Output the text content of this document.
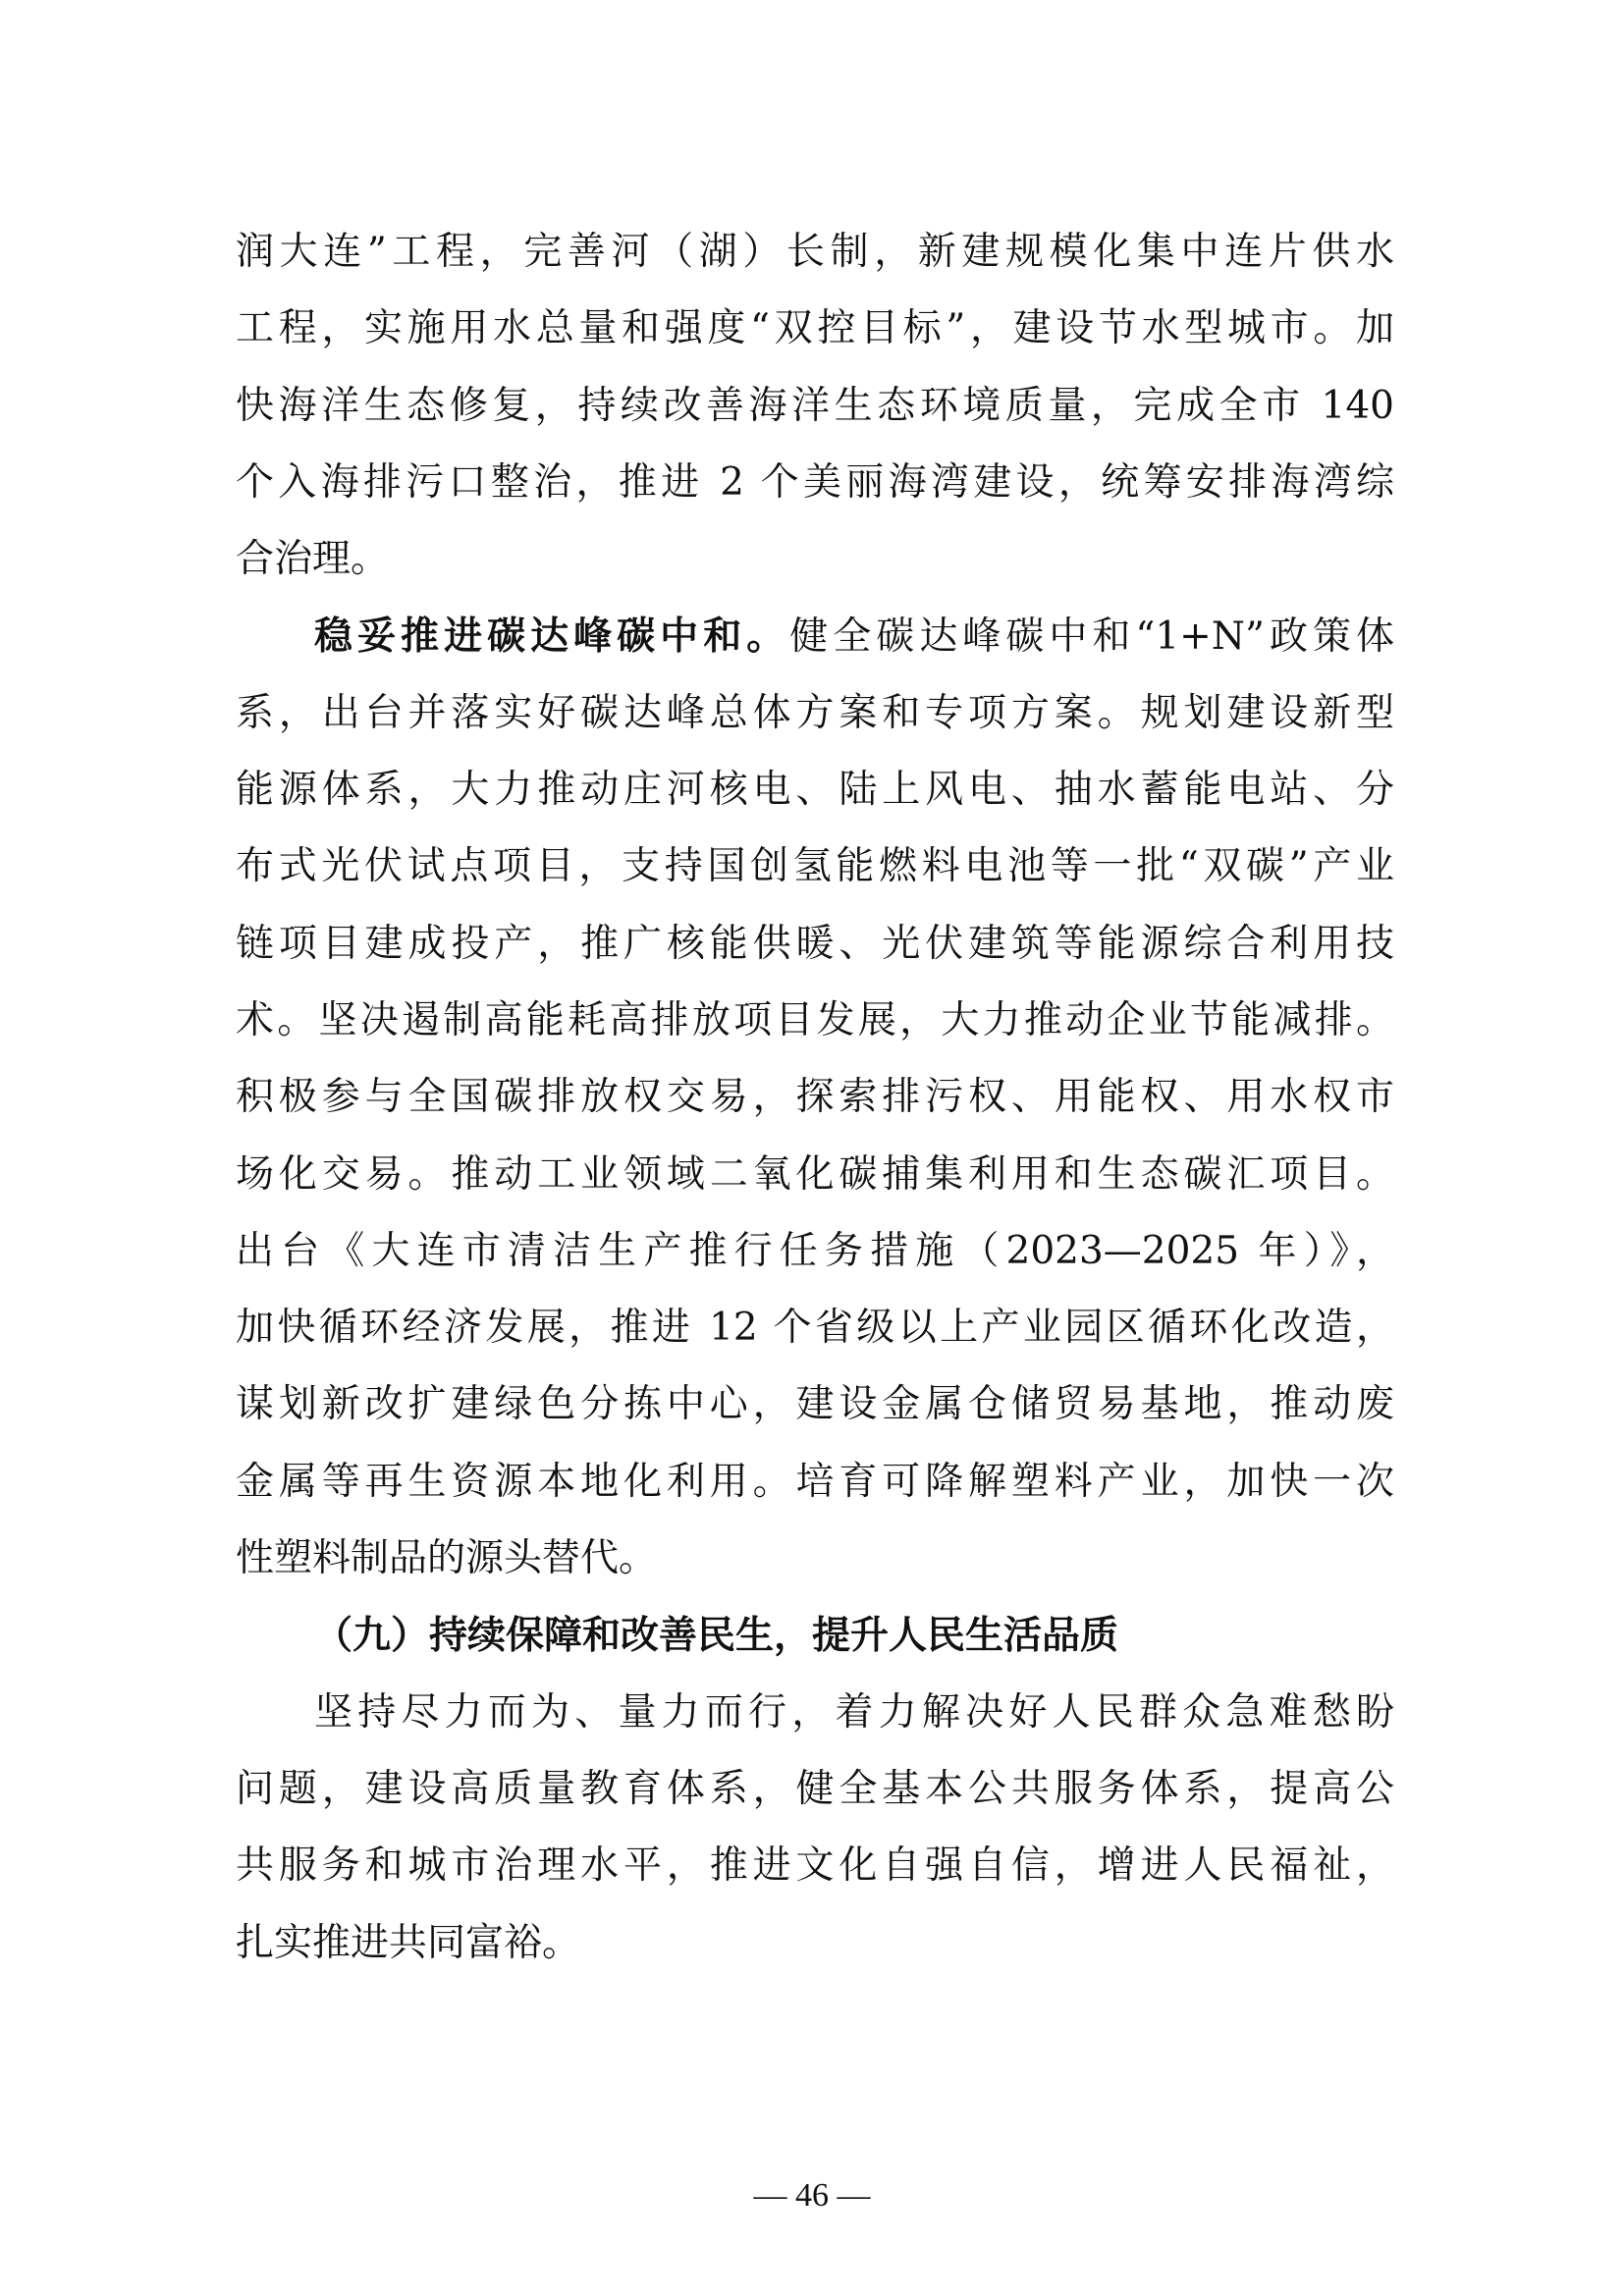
润大连”工程，完善河（湖）长制，新建规模化集中连片供水
工程，实施用水总量和强度“双控目标”，建设节水型城市。加
快海洋生态修复，持续改善海洋生态环境质量，完成全市 140
个入海排污口整治，推进 2 个美丽海湾建设，统筹安排海湾综
合治理。
稳妥推进碳达峰碳中和。健全碳达峰碳中和“1+N”政策体
系，出台并落实好碳达峰总体方案和专项方案。规划建设新型
能源体系，大力推动庄河核电、陆上风电、抽水蓄能电站、分
布式光伏试点项目，支持国创氢能燃料电池等一批“双碳”产业
链项目建成投产，推广核能供暖、光伏建筑等能源综合利用技
术。坚决遏制高能耗高排放项目发展，大力推动企业节能减排。
积极参与全国碳排放权交易，探索排污权、用能权、用水权市
场化交易。推动工业领域二氧化碳捕集利用和生态碳汇项目。
出台《大连市清洁生产推行任务措施（2023—2025 年）》，
加快循环经济发展，推进 12 个省级以上产业园区循环化改造，
谋划新改扩建绿色分拣中心，建设金属仓储贸易基地，推动废
金属等再生资源本地化利用。培育可降解塑料产业，加快一次
性塑料制品的源头替代。
（九）持续保障和改善民生，提升人民生活品质
坚持尽力而为、量力而行，着力解决好人民群众急难愁盼
问题，建设高质量教育体系，健全基本公共服务体系，提高公
共服务和城市治理水平，推进文化自强自信，增进人民福祉，
扎实推进共同富裕。
— 46 —
